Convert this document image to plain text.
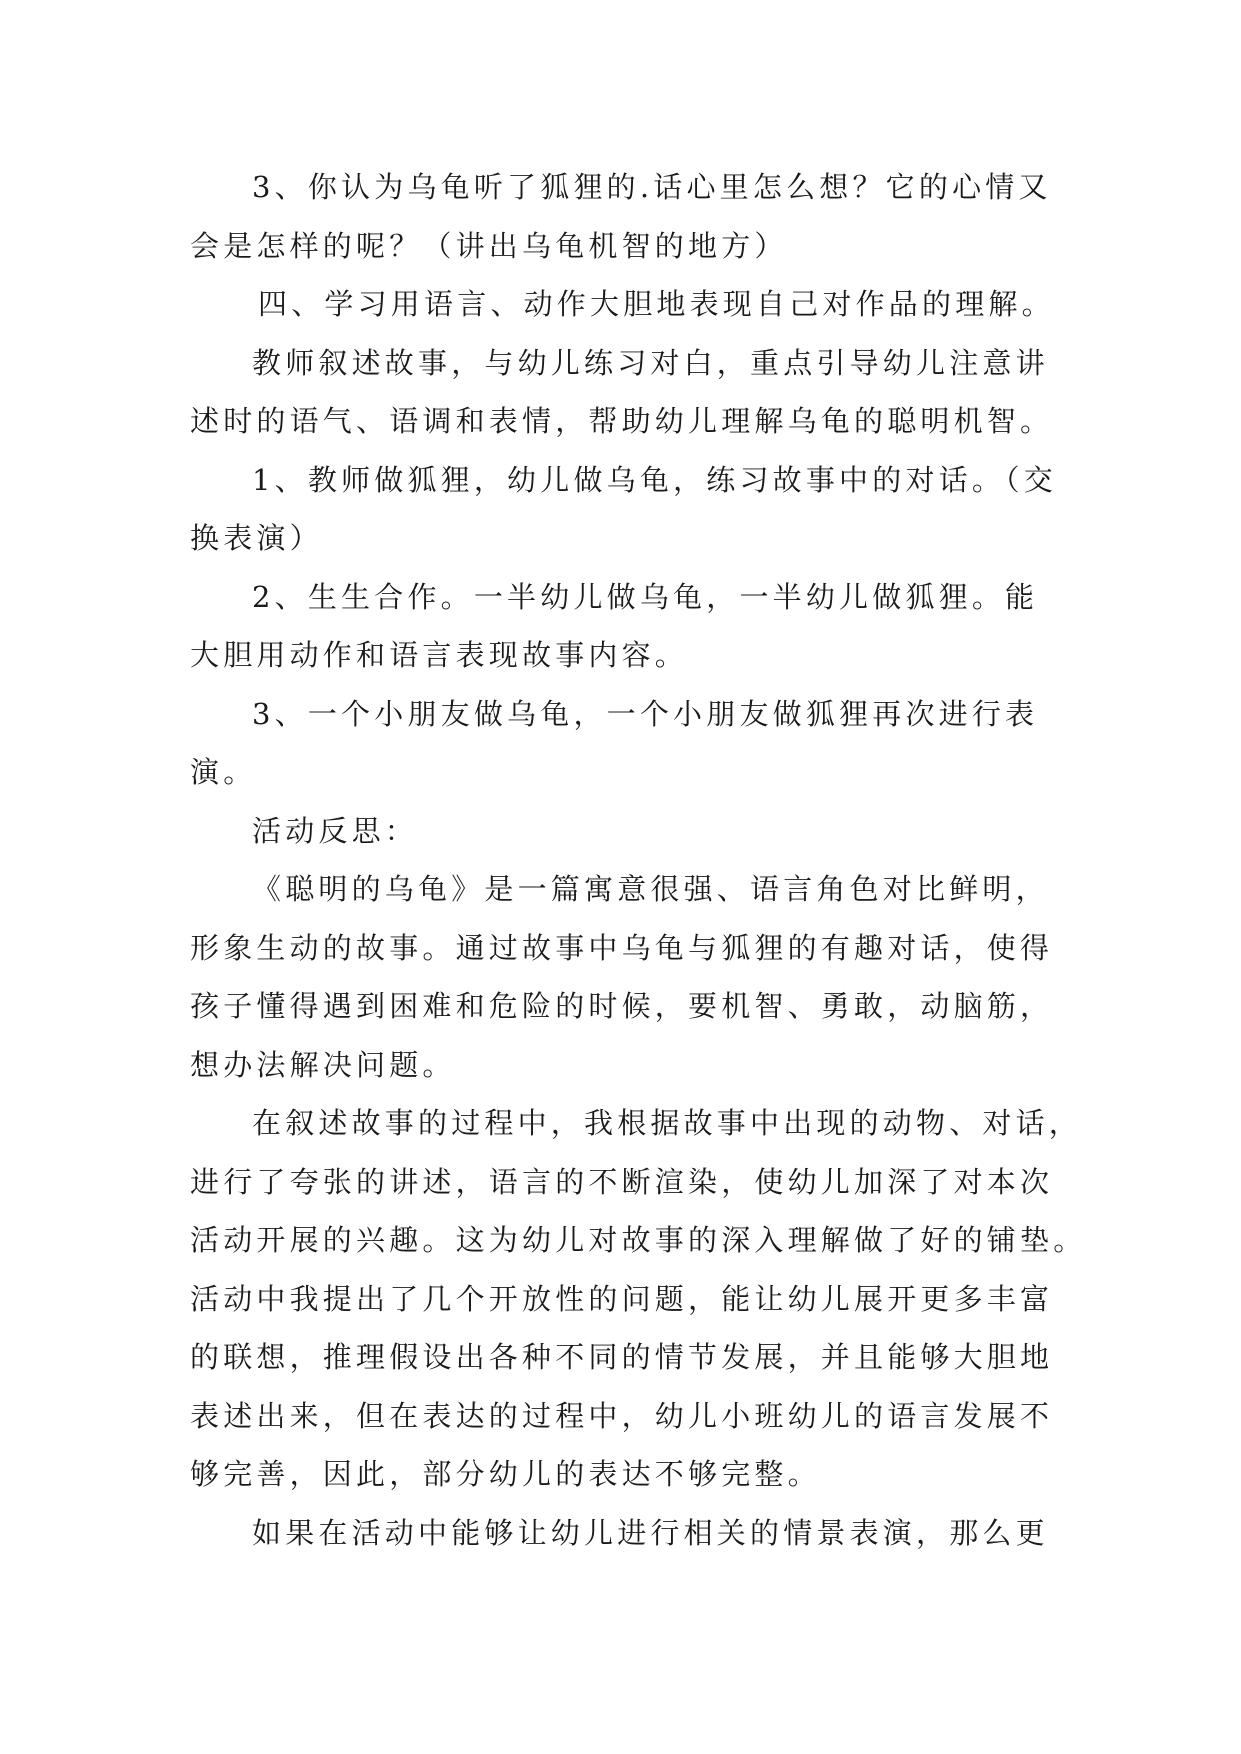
3、你认为乌龟听了狐狸的.话心里怎么想？它的心情又
会是怎样的呢？（讲出乌龟机智的地方）
四、学习用语言、动作大胆地表现自己对作品的理解。
教师叙述故事，与幼儿练习对白，重点引导幼儿注意讲
述时的语气、语调和表情，帮助幼儿理解乌龟的聪明机智。
1、教师做狐狸，幼儿做乌龟，练习故事中的对话。（交
换表演）
2、生生合作。一半幼儿做乌龟，一半幼儿做狐狸。能
大胆用动作和语言表现故事内容。
3、一个小朋友做乌龟，一个小朋友做狐狸再次进行表
演。
活动反思：
《聪明的乌龟》是一篇寓意很强、语言角色对比鲜明，
形象生动的故事。通过故事中乌龟与狐狸的有趣对话，使得
孩子懂得遇到困难和危险的时候，要机智、勇敢，动脑筋，
想办法解决问题。
在叙述故事的过程中，我根据故事中出现的动物、对话，
进行了夸张的讲述，语言的不断渲染，使幼儿加深了对本次
活动开展的兴趣。这为幼儿对故事的深入理解做了好的铺垫。
活动中我提出了几个开放性的问题，能让幼儿展开更多丰富
的联想，推理假设出各种不同的情节发展，并且能够大胆地
表述出来，但在表达的过程中，幼儿小班幼儿的语言发展不
够完善，因此，部分幼儿的表达不够完整。
如果在活动中能够让幼儿进行相关的情景表演，那么更
